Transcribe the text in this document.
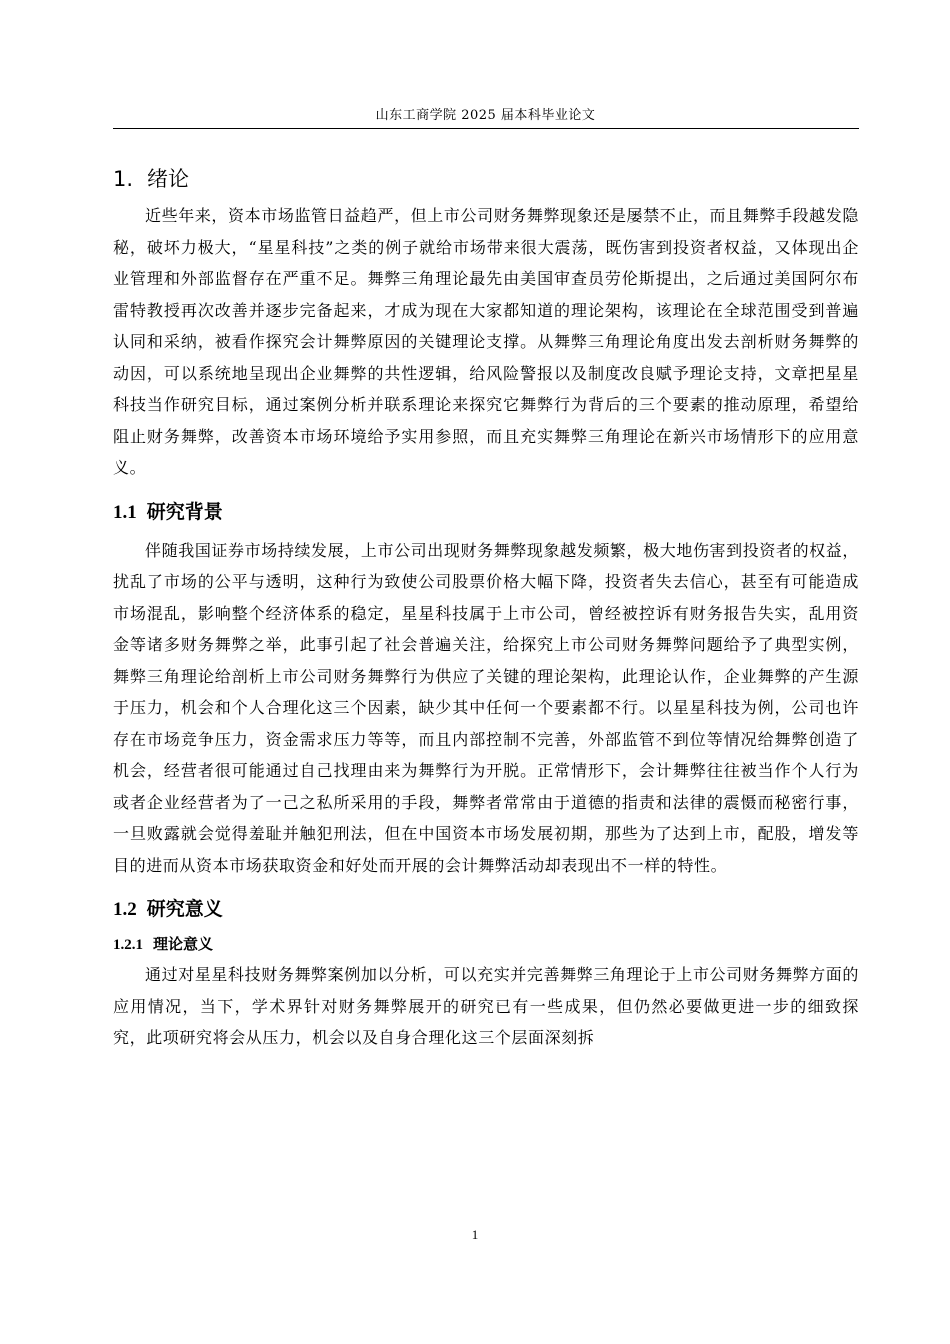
山东工商学院 2025 届本科毕业论文
1. 绪论

近些年来，资本市场监管日益趋严，但上市公司财务舞弊现象还是屡禁不止，而且舞弊手段越发隐秘，破坏力极大，“星星科技”之类的例子就给市场带来很大震荡，既伤害到投资者权益，又体现出企业管理和外部监督存在严重不足。舞弊三角理论最先由美国审查员劳伦斯提出，之后通过美国阿尔布雷特教授再次改善并逐步完备起来，才成为现在大家都知道的理论架构，该理论在全球范围受到普遍认同和采纳，被看作探究会计舞弊原因的关键理论支撑。从舞弊三角理论角度出发去剖析财务舞弊的动因，可以系统地呈现出企业舞弊的共性逻辑，给风险警报以及制度改良赋予理论支持，文章把星星科技当作研究目标，通过案例分析并联系理论来探究它舞弊行为背后的三个要素的推动原理，希望给阻止财务舞弊，改善资本市场环境给予实用参照，而且充实舞弊三角理论在新兴市场情形下的应用意义。

1.1 研究背景

伴随我国证券市场持续发展，上市公司出现财务舞弊现象越发频繁，极大地伤害到投资者的权益，扰乱了市场的公平与透明，这种行为致使公司股票价格大幅下降，投资者失去信心，甚至有可能造成市场混乱，影响整个经济体系的稳定，星星科技属于上市公司，曾经被控诉有财务报告失实，乱用资金等诸多财务舞弊之举，此事引起了社会普遍关注，给探究上市公司财务舞弊问题给予了典型实例，舞弊三角理论给剖析上市公司财务舞弊行为供应了关键的理论架构，此理论认作，企业舞弊的产生源于压力，机会和个人合理化这三个因素，缺少其中任何一个要素都不行。以星星科技为例，公司也许存在市场竞争压力，资金需求压力等等，而且内部控制不完善，外部监管不到位等情况给舞弊创造了机会，经营者很可能通过自己找理由来为舞弊行为开脱。正常情形下，会计舞弊往往被当作个人行为或者企业经营者为了一己之私所采用的手段，舞弊者常常由于道德的指责和法律的震慑而秘密行事，一旦败露就会觉得羞耻并触犯刑法，但在中国资本市场发展初期，那些为了达到上市，配股，增发等目的进而从资本市场获取资金和好处而开展的会计舞弊活动却表现出不一样的特性。

1.2 研究意义
1.2.1 理论意义

通过对星星科技财务舞弊案例加以分析，可以充实并完善舞弊三角理论于上市公司财务舞弊方面的应用情况，当下，学术界针对财务舞弊展开的研究已有一些成果，但仍然必要做更进一步的细致探究，此项研究将会从压力，机会以及自身合理化这三个层面深刻拆

1
